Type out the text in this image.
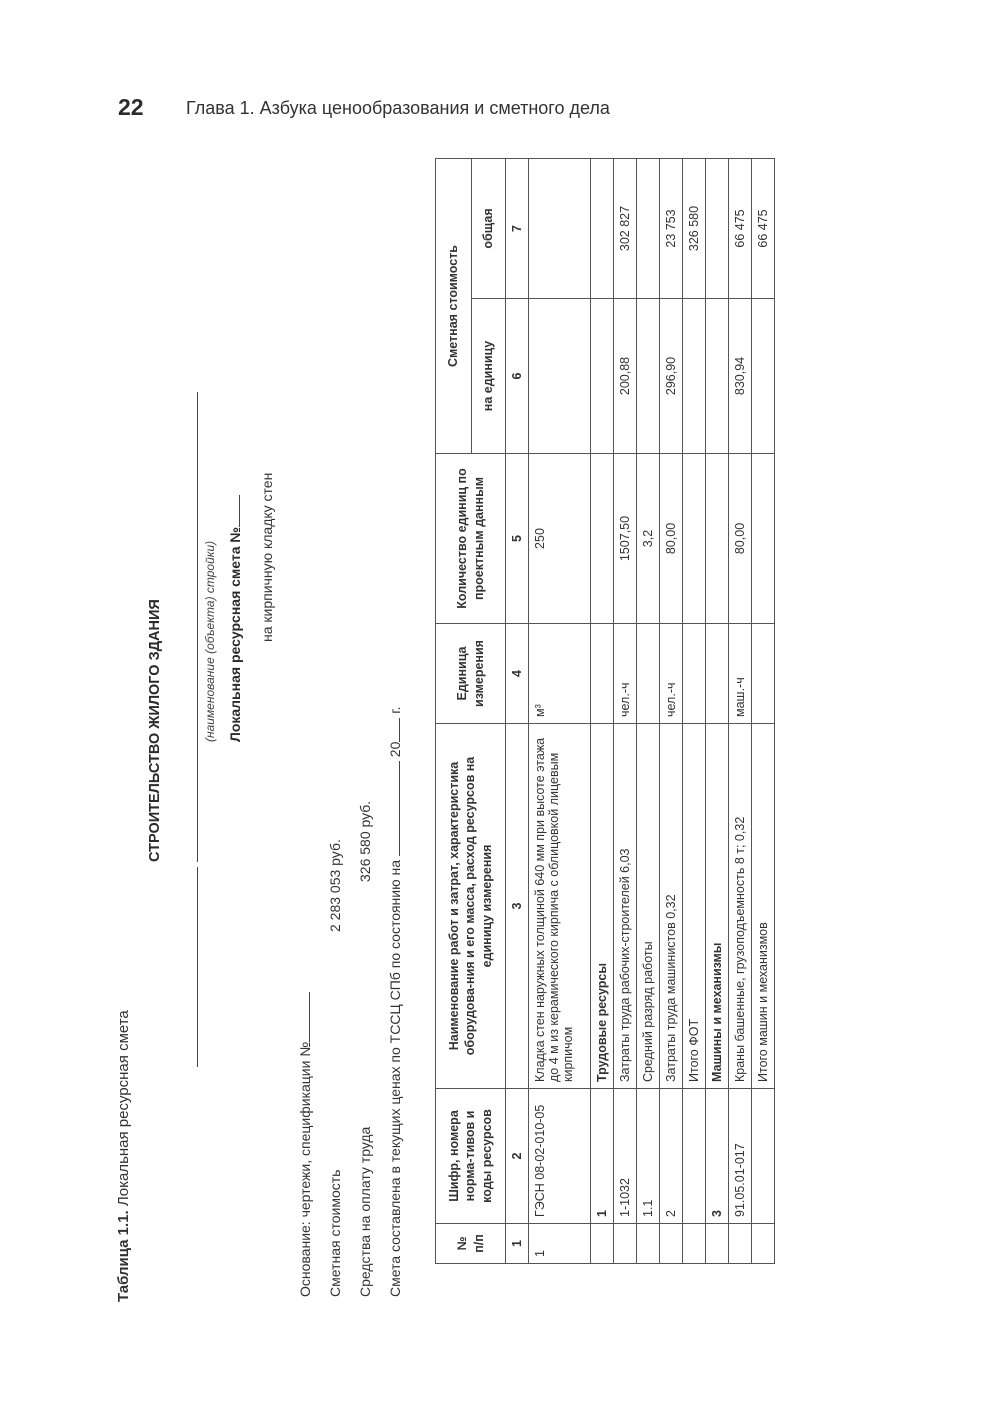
22 Глава 1. Азбука ценообразования и сметного дела
Таблица 1.1. Локальная ресурсная смета
СТРОИТЕЛЬСТВО ЖИЛОГО ЗДАНИЯ	(наименование (объекта) стройки) Локальная ресурсная смета № на кирпичную кладку стен
Основание: чертежи, спецификации № Сметная стоимость
2 283 053 руб.
Средства на оплату труда
326 580 руб.
Смета составлена в текущих ценах по ТССЦ СПб по состоянию на  20 г.
№ п/п	Шифр, номера норма-тивов и коды ресурсов	Наименование работ и затрат, характеристика оборудова-ния и его масса, расход ресурсов на единицу измерения	Единица измерения	Количество единиц по проектным данным	Сметная стоимость	
					на единицу	общая
1	2	3	4	5	6	7
1	ГЭСН 08-02-010-05	Кладка стен наружных толщиной 640 мм при высоте этажа до 4 м из керамического кирпича с облицовкой лицевым кирпичом	м³	250		
	1	Трудовые ресурсы				
	1-1032	Затраты труда рабочих-строителей 6,03	чел.-ч	1507,50	200,88	302 827
	1.1	Средний разряд работы		3,2		
	2	Затраты труда машинистов 0,32	чел.-ч	80,00	296,90	23 753
		Итого ФОТ				326 580
	3	Машины и механизмы				
	91.05.01-017	Краны башенные, грузоподъемность 8 т; 0,32	маш.-ч	80,00	830,94	66 475
		Итого машин и механизмов				66 475
